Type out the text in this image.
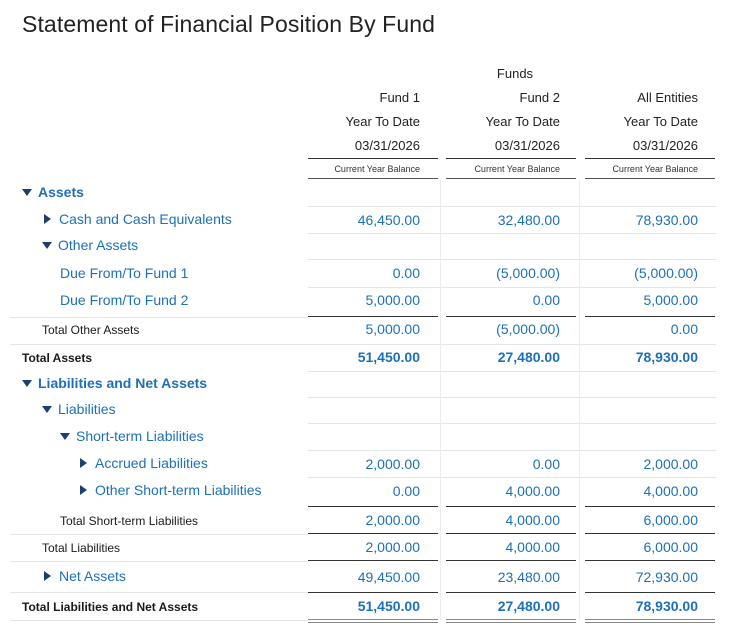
Statement of Financial Position By Fund
Funds
Fund 1	Fund 2	All Entities
Year To Date	Year To Date	Year To Date
03/31/2026	03/31/2026	03/31/2026
Current Year Balance	Current Year Balance	Current Year Balance
Assets
Cash and Cash Equivalents	46,450.00	32,480.00	78,930.00
Other Assets
Due From/To Fund 1	0.00	(5,000.00)	(5,000.00)
Due From/To Fund 2	5,000.00	0.00	5,000.00
Total Other Assets	5,000.00	(5,000.00)	0.00
Total Assets	51,450.00	27,480.00	78,930.00
Liabilities and Net Assets
Liabilities
Short-term Liabilities
Accrued Liabilities	2,000.00	0.00	2,000.00
Other Short-term Liabilities	0.00	4,000.00	4,000.00
Total Short-term Liabilities	2,000.00	4,000.00	6,000.00
Total Liabilities	2,000.00	4,000.00	6,000.00
Net Assets	49,450.00	23,480.00	72,930.00
Total Liabilities and Net Assets	51,450.00	27,480.00	78,930.00
